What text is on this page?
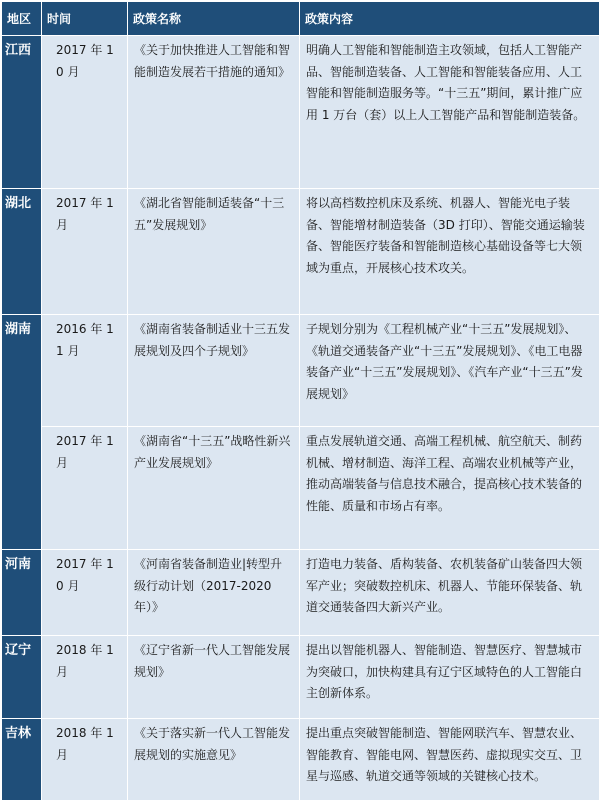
地区	时间	政策名称	政策内容
江西	2017 年 10 月	《关于加快推进人工智能和智能制造发展若干措施的通知》	明确人工智能和智能制造主攻领域，包括人工智能产品、智能制造装备、人工智能和智能装备应用、人工智能和智能制造服务等。“十三五”期间，累计推广应用 1 万台（套）以上人工智能产品和智能制造装备。
湖北	2017 年 1 月	《湖北省智能制适装备“十三五”发展规划》	将以高档数控机床及系统、机器人、智能光电子装备、智能增材制造装备（3D 打印）、智能交通运输装备、智能医疗装备和智能制造核心基础设备等七大领域为重点，开展核心技术攻关。
湖南	2016 年 11 月	《湖南省装备制适业十三五发展规划及四个子规划》	子规划分别为《工程机械产业“十三五”发展规划》、《轨道交通装备产业“十三五”发展规划》、《电工电器装备产业“十三五”发展规划》、《汽车产业“十三五”发展规划》
	2017 年 1 月	《湖南省“十三五”战略性新兴产业发展规划》	重点发展轨道交通、高端工程机械、航空航天、制药机械、增材制造、海洋工程、高端农业机械等产业，推动高端装备与信息技术融合，提高核心技术装备的性能、质量和市场占有率。
河南	2017 年 10 月	《河南省装备制造业|转型升级行动计划（2017-2020 年）》	打造电力装备、盾构装备、农机装备矿山装备四大领军产业；突破数控机床、机器人、节能环保装备、轨道交通装备四大新兴产业。
辽宁	2018 年 1 月	《辽宁省新一代人工智能发展规划》	提出以智能机器人、智能制造、智慧医疗、智慧城市为突破口，加快构建具有辽宁区域特色的人工智能白主创新体系。
吉林	2018 年 1 月	《关于落实新一代人工智能发展规划的实施意见》	提出重点突破智能制造、智能网联汽车、智慧农业、智能教育、智能电网、智慧医药、虚拟现实交互、卫星与巡感、轨道交通等领域的关键核心技术。
